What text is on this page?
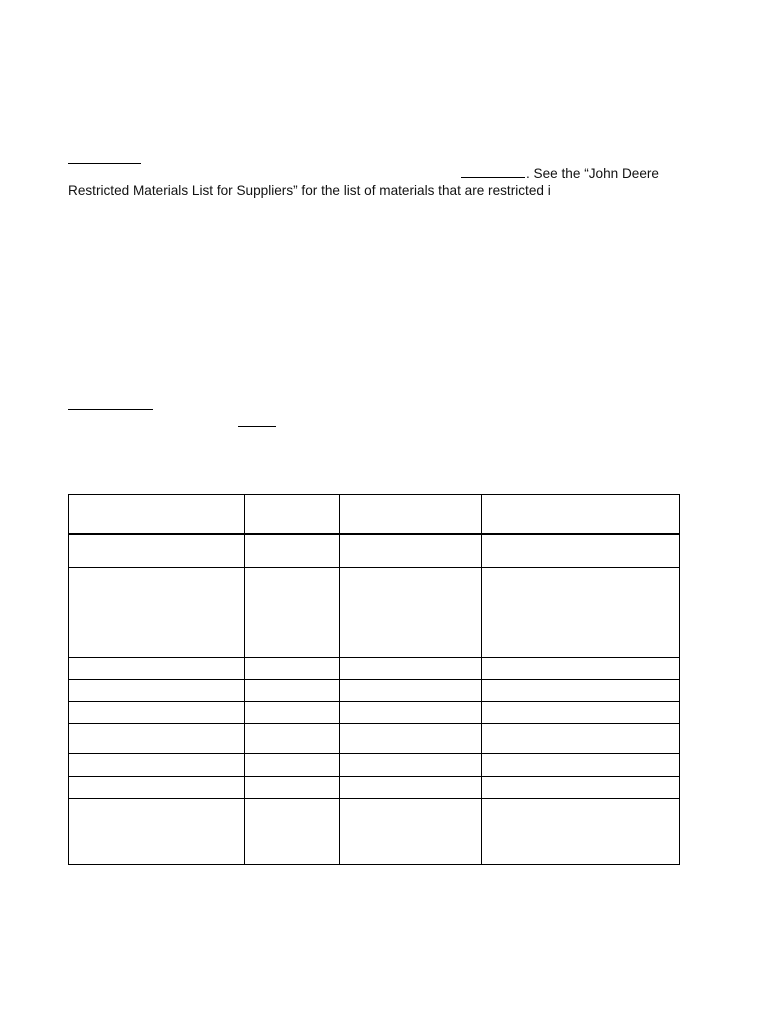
. See the “John Deere
Restricted Materials List for Suppliers” for the list of materials that are restricted i
